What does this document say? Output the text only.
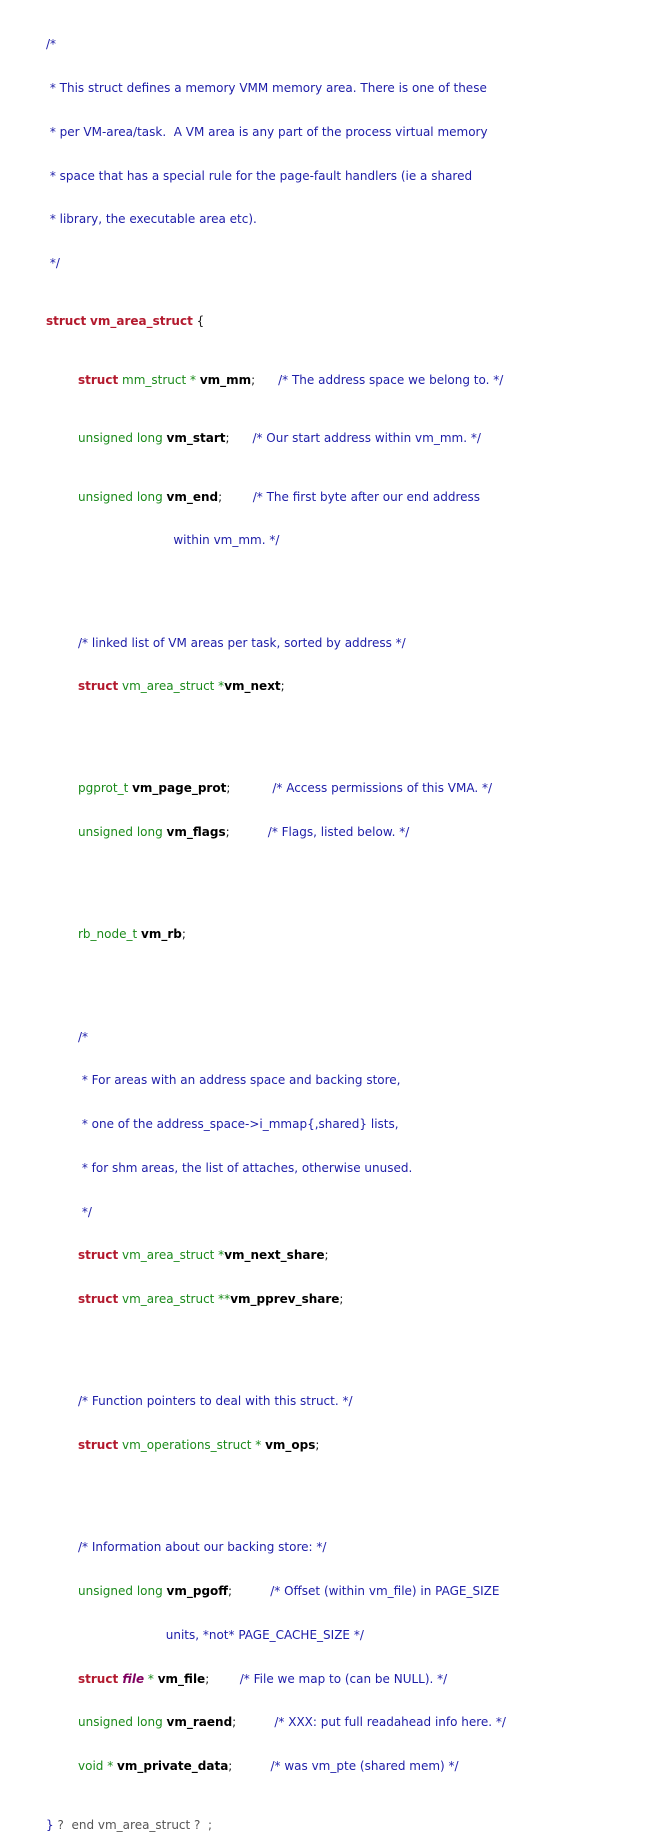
/*

* This struct defines a memory VMM memory area. There is one of these

* per VM-area/task.  A VM area is any part of the process virtual memory

* space that has a special rule for the page-fault handlers (ie a shared

* library, the executable area etc).

*/

struct vm_area_struct {

struct mm_struct * vm_mm;      /* The address space we belong to. */

unsigned long vm_start;      /* Our start address within vm_mm. */

unsigned long vm_end;        /* The first byte after our end address

within vm_mm. */

/* linked list of VM areas per task, sorted by address */

struct vm_area_struct *vm_next;

pgprot_t vm_page_prot;           /* Access permissions of this VMA. */

unsigned long vm_flags;          /* Flags, listed below. */

rb_node_t vm_rb;

/*

* For areas with an address space and backing store,

* one of the address_space->i_mmap{,shared} lists,

* for shm areas, the list of attaches, otherwise unused.

*/

struct vm_area_struct *vm_next_share;

struct vm_area_struct **vm_pprev_share;

/* Function pointers to deal with this struct. */

struct vm_operations_struct * vm_ops;

/* Information about our backing store: */

unsigned long vm_pgoff;          /* Offset (within vm_file) in PAGE_SIZE

units, *not* PAGE_CACHE_SIZE */

struct file * vm_file;        /* File we map to (can be NULL). */

unsigned long vm_raend;          /* XXX: put full readahead info here. */

void * vm_private_data;          /* was vm_pte (shared mem) */

} ?  end vm_area_struct ?  ;
